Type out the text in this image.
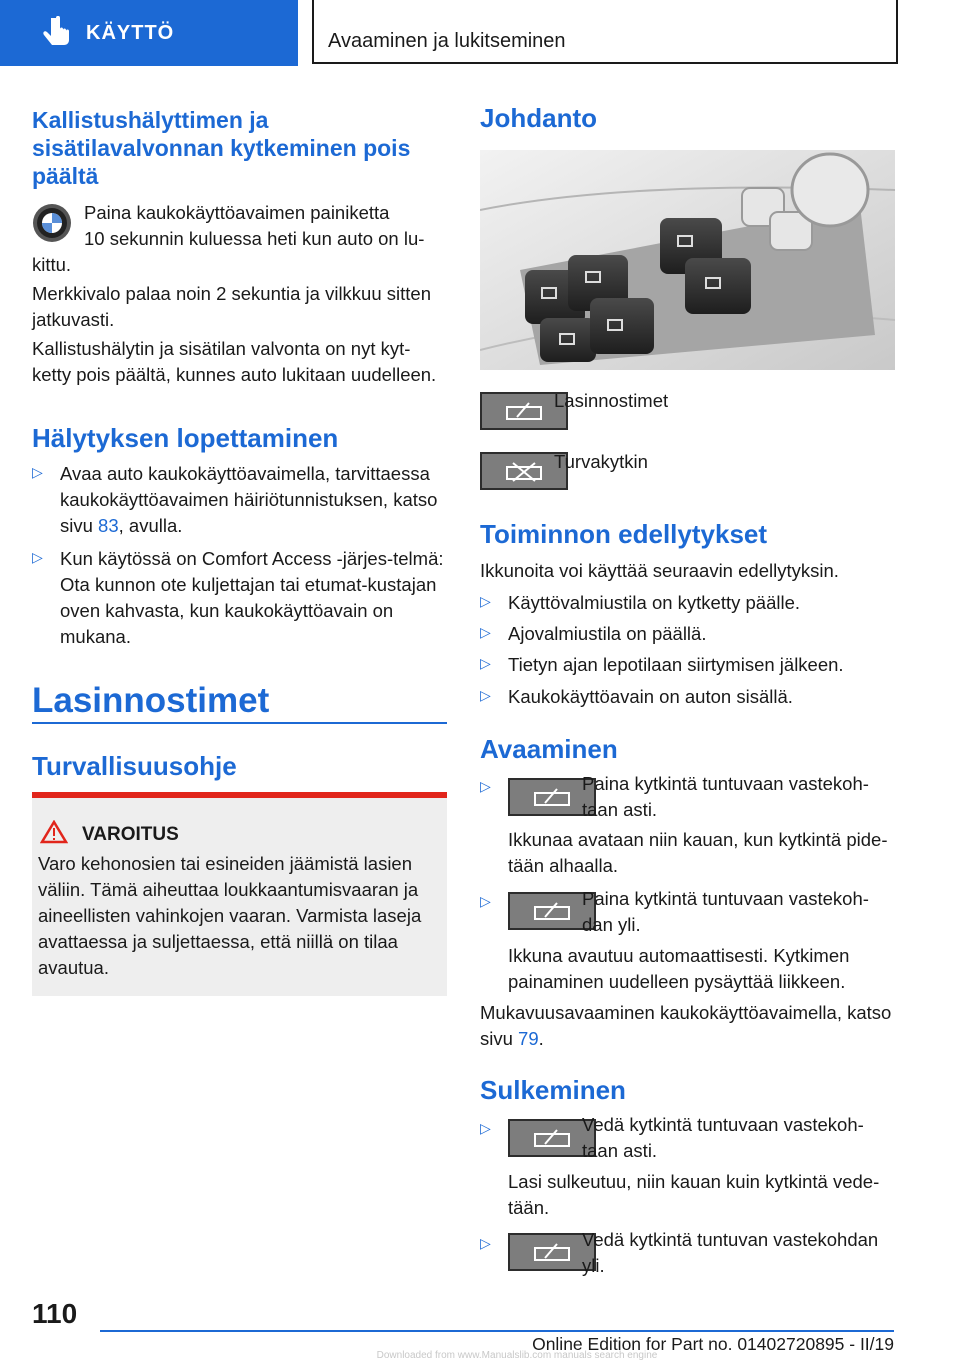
KÄYTTÖ	Avaaminen ja lukitseminen
Kallistushälyttimen ja
sisätilavalvonnan kytkeminen pois
päältä

Paina kaukokäyttöavaimen painiketta

10 sekunnin kuluessa heti kun auto on lu‐

kittu.

Merkkivalo palaa noin 2 sekuntia ja vilkkuu sitten jatkuvasti.

Kallistushälytin ja sisätilan valvonta on nyt kyt‐ketty pois päältä, kunnes auto lukitaan uudelleen.

Hälytyksen lopettaminen
▷ Avaa auto kaukokäyttöavaimella, tarvittaessa kaukokäyttöavaimen häiriötunnistuksen, katso sivu 83, avulla.
▷ Kun käytössä on Comfort Access ‑järjes‐telmä: Ota kunnon ote kuljettajan tai etumat‐kustajan oven kahvasta, kun kaukokäyttöavain on mukana.
Lasinnostimet
Turvallisuusohje
VAROITUS

Varo kehonosien tai esineiden jäämistä lasien väliin. Tämä aiheuttaa loukkaantumisvaaran ja aineellisten vahinkojen vaaran. Varmista laseja avattaessa ja suljettaessa, että niillä on tilaa avautua.

Johdanto

Lasinnostimet

Turvakytkin

Toiminnon edellytykset

Ikkunoita voi käyttää seuraavin edellytyksin.

▷ Käyttövalmiustila on kytketty päälle.
▷ Ajovalmiustila on päällä.
▷ Tietyn ajan lepotilaan siirtymisen jälkeen.
▷ Kaukokäyttöavain on auton sisällä.
Avaaminen
▷	Paina kytkintä tuntuvaan vastekoh‐

taan asti.

Ikkunaa avataan niin kauan, kun kytkintä pide‐tään alhaalla.

▷	Paina kytkintä tuntuvaan vastekoh‐

dan yli.

Ikkuna avautuu automaattisesti. Kytkimen painaminen uudelleen pysäyttää liikkeen.

Mukavuusavaaminen kaukokäyttöavaimella, katso sivu 79.

Sulkeminen
▷	Vedä kytkintä tuntuvaan vastekoh‐

taan asti.

Lasi sulkeutuu, niin kauan kuin kytkintä vede‐tään.

▷	Vedä kytkintä tuntuvan vastekohdan

yli.

110
Online Edition for Part no. 01402720895 - II/19
Downloaded from www.Manualslib.com manuals search engine
